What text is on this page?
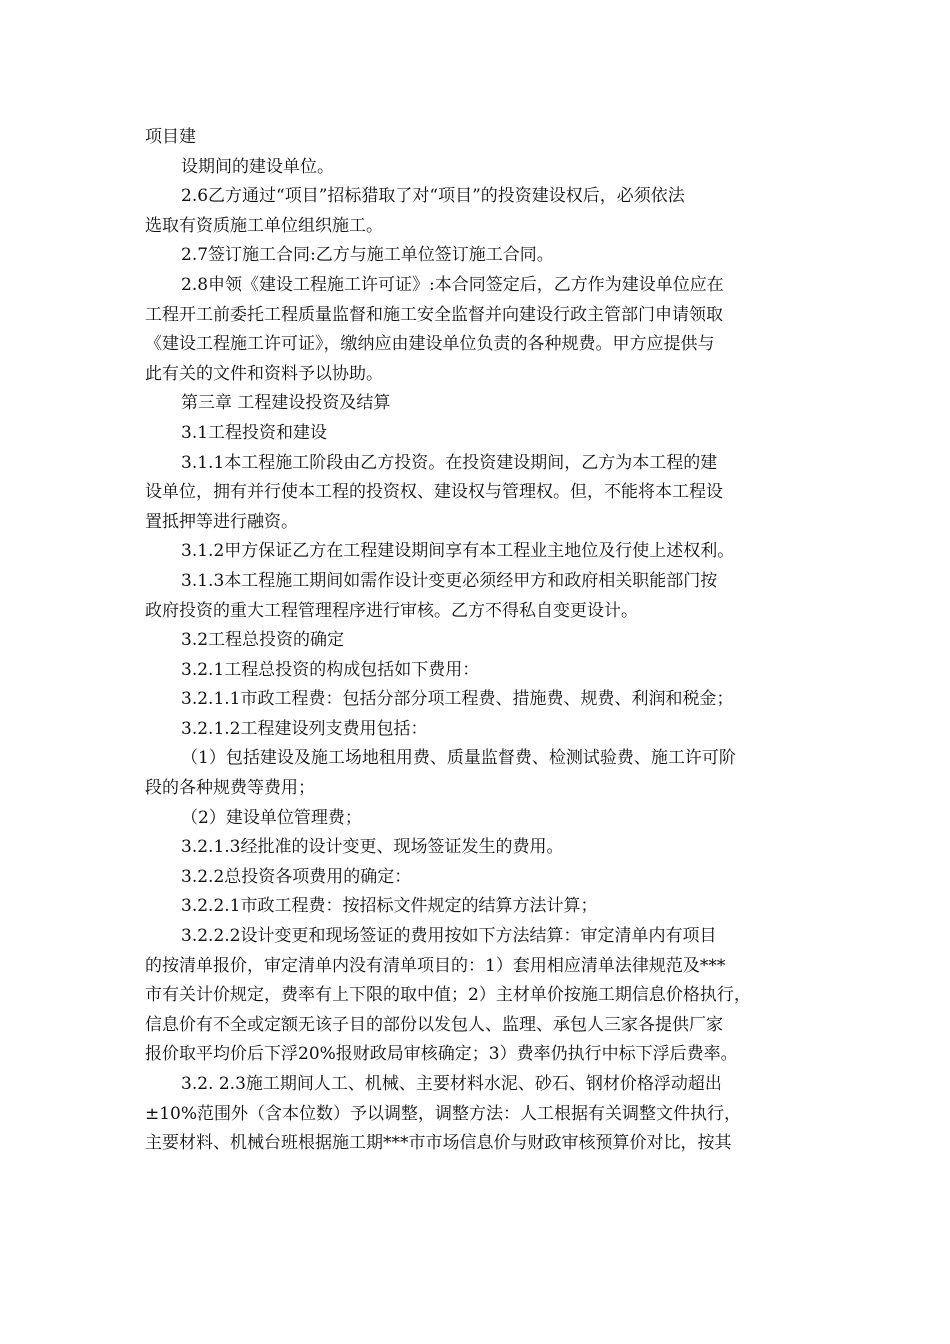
项目建

设期间的建设单位。

2.6乙方通过“项目”招标猎取了对“项目”的投资建设权后，必须依法

选取有资质施工单位组织施工。

2.7签订施工合同:乙方与施工单位签订施工合同。

2.8申领《建设工程施工许可证》:本合同签定后，乙方作为建设单位应在

工程开工前委托工程质量监督和施工安全监督并向建设行政主管部门申请领取

《建设工程施工许可证》，缴纳应由建设单位负责的各种规费。甲方应提供与

此有关的文件和资料予以协助。

第三章 工程建设投资及结算

3.1工程投资和建设

3.1.1本工程施工阶段由乙方投资。在投资建设期间，乙方为本工程的建

设单位，拥有并行使本工程的投资权、建设权与管理权。但，不能将本工程设

置抵押等进行融资。

3.1.2甲方保证乙方在工程建设期间享有本工程业主地位及行使上述权利。

3.1.3本工程施工期间如需作设计变更必须经甲方和政府相关职能部门按

政府投资的重大工程管理程序进行审核。乙方不得私自变更设计。

3.2工程总投资的确定

3.2.1工程总投资的构成包括如下费用：

3.2.1.1市政工程费：包括分部分项工程费、措施费、规费、利润和税金；

3.2.1.2工程建设列支费用包括：

（1）包括建设及施工场地租用费、质量监督费、检测试验费、施工许可阶

段的各种规费等费用；

（2）建设单位管理费；

3.2.1.3经批准的设计变更、现场签证发生的费用。

3.2.2总投资各项费用的确定：

3.2.2.1市政工程费：按招标文件规定的结算方法计算；

3.2.2.2设计变更和现场签证的费用按如下方法结算：审定清单内有项目

的按清单报价，审定清单内没有清单项目的：1）套用相应清单法律规范及***

市有关计价规定，费率有上下限的取中值；2）主材单价按施工期信息价格执行，

信息价有不全或定额无该子目的部份以发包人、监理、承包人三家各提供厂家

报价取平均价后下浮20%报财政局审核确定；3）费率仍执行中标下浮后费率。

3.2. 2.3施工期间人工、机械、主要材料水泥、砂石、钢材价格浮动超出

±10%范围外（含本位数）予以调整，调整方法：人工根据有关调整文件执行，

主要材料、机械台班根据施工期***市市场信息价与财政审核预算价对比，按其
